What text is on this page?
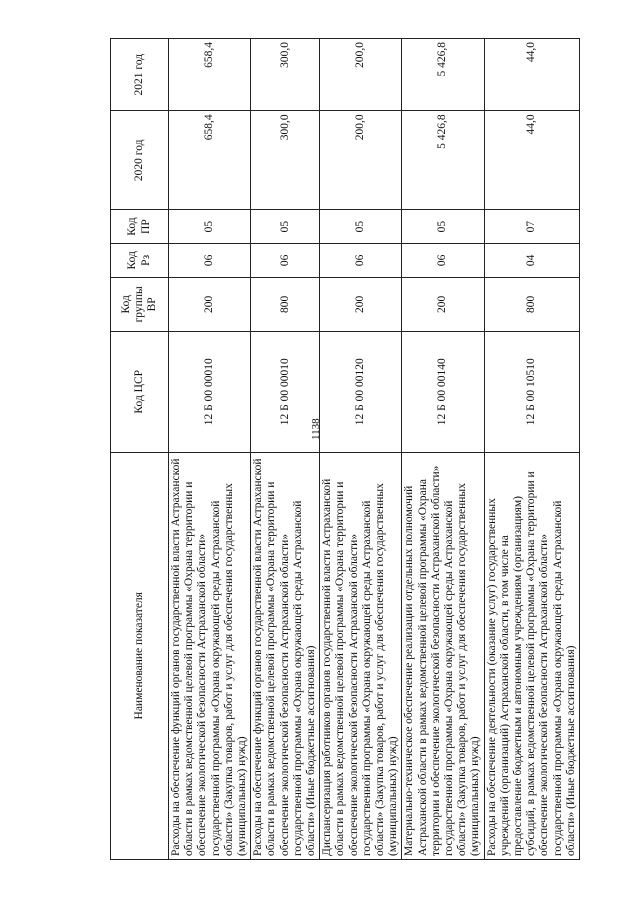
1138
Наименование показателя	Код ЦСР	Код группы ВР	Код Рз	Код ПР	2020 год	2021 год
Расходы на обеспечение функций органов государственной власти Астраханской области в рамках ведомственной целевой программы «Охрана территории и обеспечение экологической безопасности Астраханской области» государственной программы «Охрана окружающей среды Астраханской области» (Закупка товаров, работ и услуг для обеспечения государственных (муниципальных) нужд)	12 Б 00 00010	200	06	05	658,4	658,4
Расходы на обеспечение функций органов государственной власти Астраханской области в рамках ведомственной целевой программы «Охрана территории и обеспечение экологической безопасности Астраханской области» государственной программы «Охрана окружающей среды Астраханской области» (Иные бюджетные ассигнования)	12 Б 00 00010	800	06	05	300,0	300,0
Диспансеризация работников органов государственной власти Астраханской области в рамках ведомственной целевой программы «Охрана территории и обеспечение экологической безопасности Астраханской области» государственной программы «Охрана окружающей среды Астраханской области» (Закупка товаров, работ и услуг для обеспечения государственных (муниципальных) нужд)	12 Б 00 00120	200	06	05	200,0	200,0
Материально-техническое обеспечение реализации отдельных полномочий Астраханской области в рамках ведомственной целевой программы «Охрана территории и обеспечение экологической безопасности Астраханской области» государственной программы «Охрана окружающей среды Астраханской области» (Закупка товаров, работ и услуг для обеспечения государственных (муниципальных) нужд)	12 Б 00 00140	200	06	05	5 426,8	5 426,8
Расходы на обеспечение деятельности (оказание услуг) государственных учреждений (организаций) Астраханской области, в том числе на предоставление бюджетным и автономным учреждениям (организациям) субсидий, в рамках ведомственной целевой программы «Охрана территории и обеспечение экологической безопасности Астраханской области» государственной программы «Охрана окружающей среды Астраханской области» (Иные бюджетные ассигнования)	12 Б 00 10510	800	04	07	44,0	44,0
